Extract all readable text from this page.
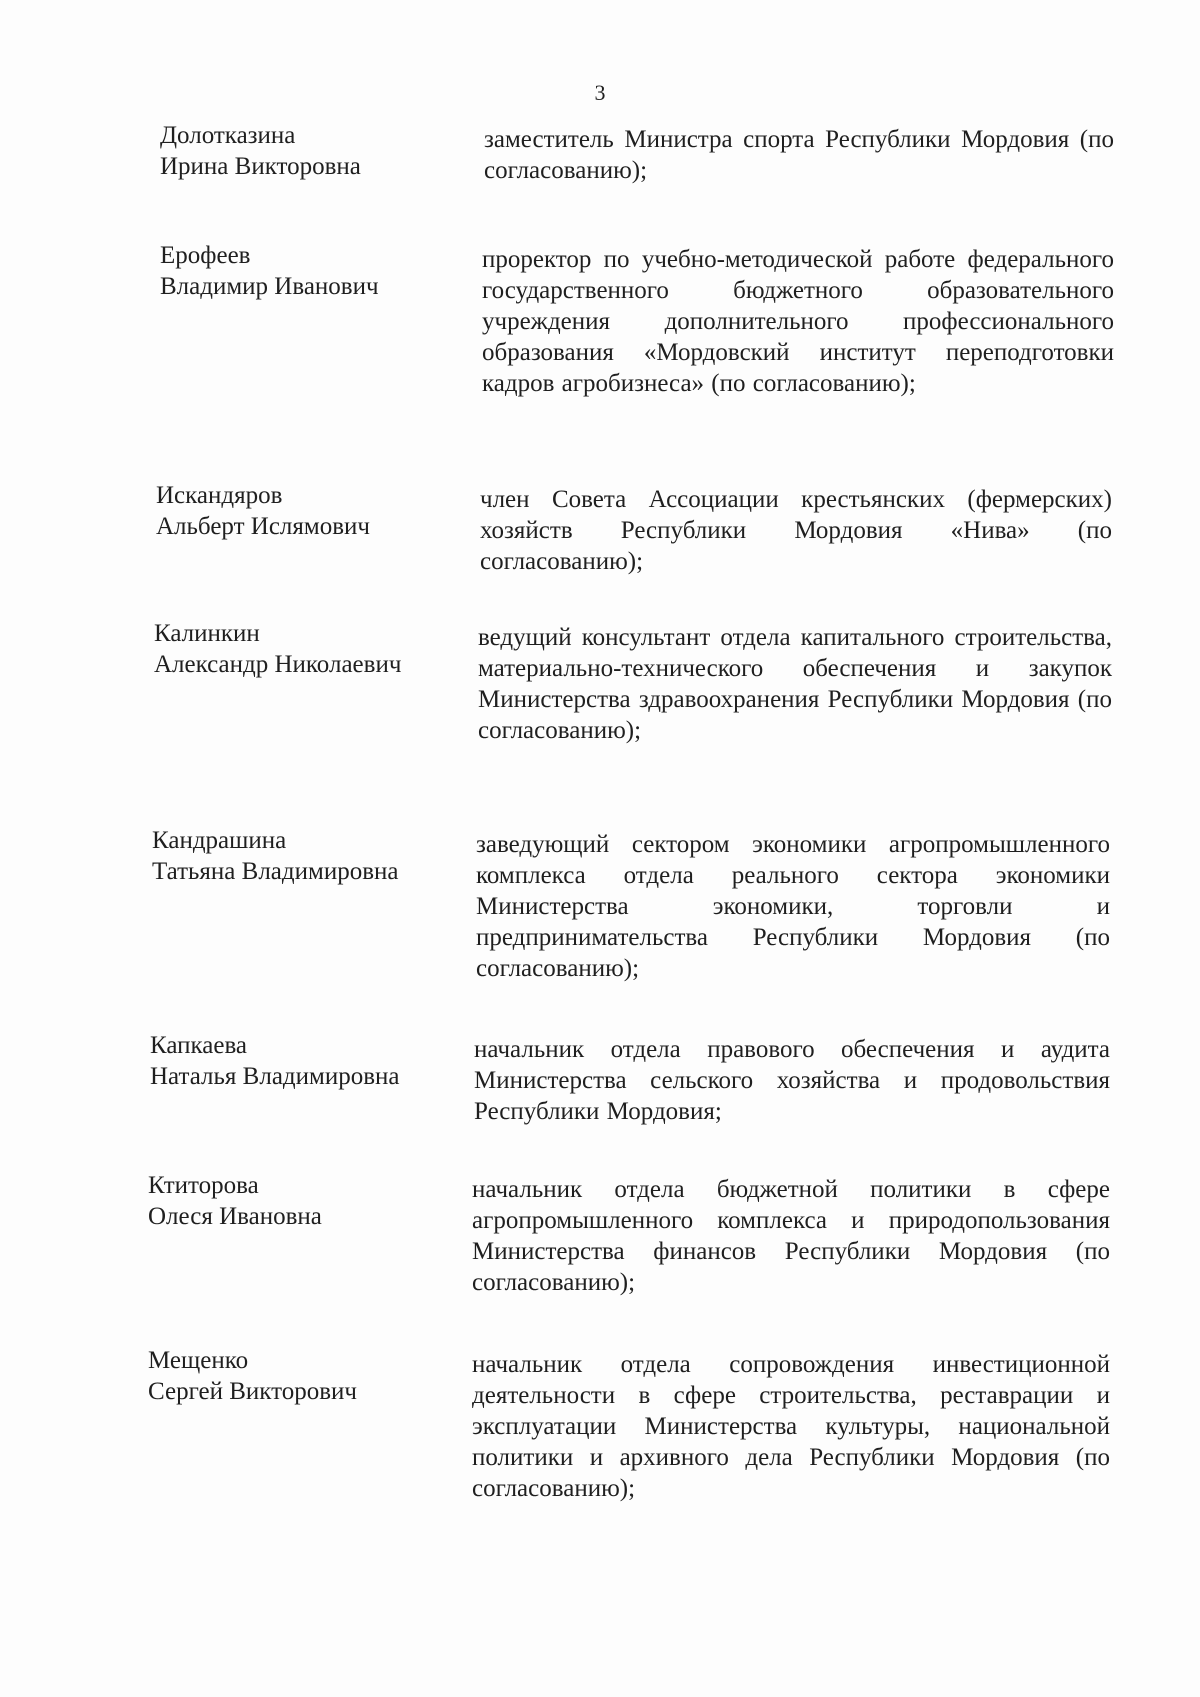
3
Долотказина
Ирина Викторовна
заместитель Министра спорта Республики Мордовия (по согласованию);
Ерофеев
Владимир Иванович
проректор по учебно-методической работе федерального государственного бюджетного образовательного учреждения дополнительного профессионального образования «Мордовский институт переподготовки кадров агробизнеса» (по согласованию);
Искандяров
Альберт Ислямович
член Совета Ассоциации крестьянских (фермерских) хозяйств Республики Мордовия «Нива» (по согласованию);
Калинкин
Александр Николаевич
ведущий консультант отдела капитального строительства, материально-технического обеспечения и закупок Министерства здравоохранения Республики Мордовия (по согласованию);
Кандрашина
Татьяна Владимировна
заведующий сектором экономики агропромышленного комплекса отдела реального сектора экономики Министерства экономики, торговли и предпринимательства Республики Мордовия (по согласованию);
Капкаева
Наталья Владимировна
начальник отдела правового обеспечения и аудита Министерства сельского хозяйства и продовольствия Республики Мордовия;
Ктиторова
Олеся Ивановна
начальник отдела бюджетной политики в сфере агропромышленного комплекса и природопользования Министерства финансов Республики Мордовия (по согласованию);
Мещенко
Сергей Викторович
начальник отдела сопровождения инвестиционной деятельности в сфере строительства, реставрации и эксплуатации Министерства культуры, национальной политики и архивного дела Республики Мордовия (по согласованию);
